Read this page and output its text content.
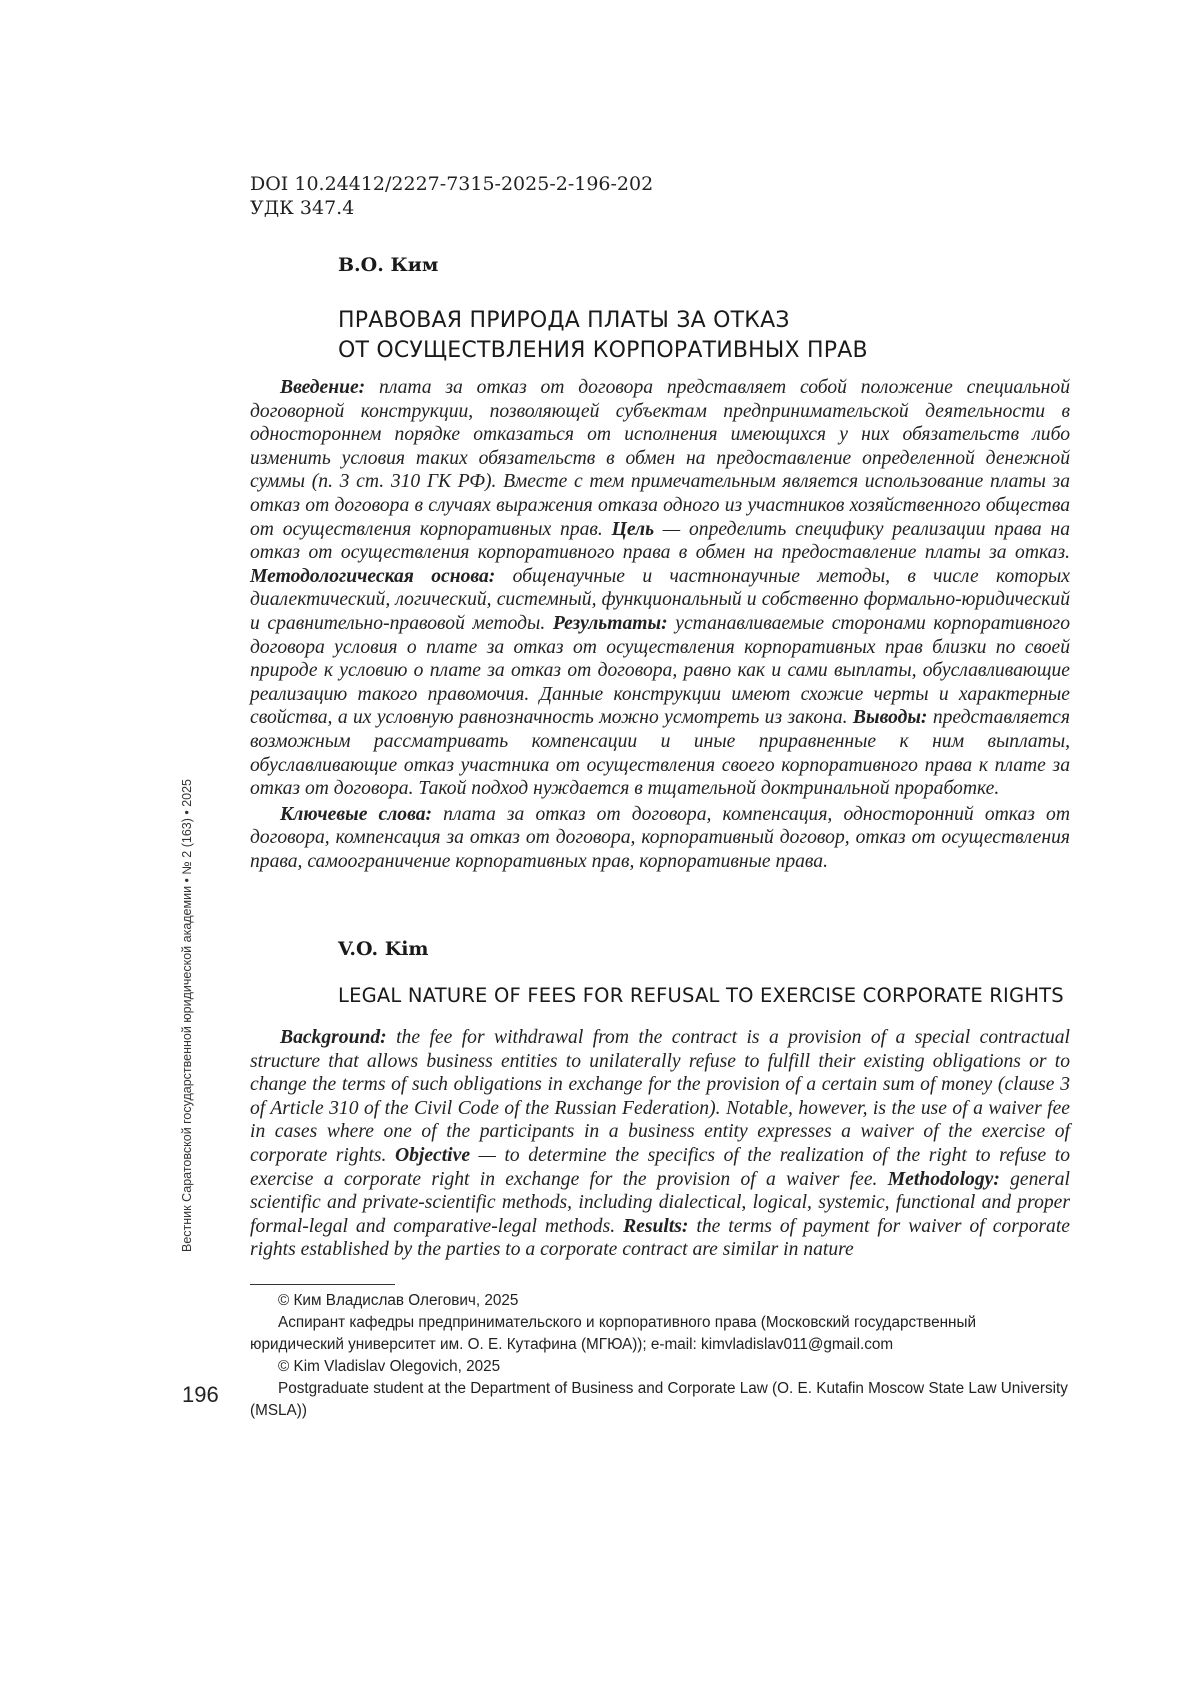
DOI 10.24412/2227-7315-2025-2-196-202
УДК 347.4
В.О. Ким
ПРАВОВАЯ ПРИРОДА ПЛАТЫ ЗА ОТКАЗ
ОТ ОСУЩЕСТВЛЕНИЯ КОРПОРАТИВНЫХ ПРАВ

Введение: плата за отказ от договора представляет собой положение специальной договорной конструкции, позволяющей субъектам предпринимательской деятельности в одностороннем порядке отказаться от исполнения имеющихся у них обязательств либо изменить условия таких обязательств в обмен на предоставление определенной денежной суммы (п. 3 ст. 310 ГК РФ). Вместе с тем примечательным является использование платы за отказ от договора в случаях выражения отказа одного из участников хозяйственного общества от осуществления корпоративных прав. Цель — определить специфику реализации права на отказ от осуществления корпоративного права в обмен на предоставление платы за отказ. Методологическая основа: общенаучные и частнонаучные методы, в числе которых диалектический, логический, системный, функциональный и собственно формально-юридический и сравнительно-правовой методы. Результаты: устанавливаемые сторонами корпоративного договора условия о плате за отказ от осуществления корпоративных прав близки по своей природе к условию о плате за отказ от договора, равно как и сами выплаты, обуславливающие реализацию такого правомочия. Данные конструкции имеют схожие черты и характерные свойства, а их условную равнозначность можно усмотреть из закона. Выводы: представляется возможным рассматривать компенсации и иные приравненные к ним выплаты, обуславливающие отказ участника от осуществления своего корпоративного права к плате за отказ от договора. Такой подход нуждается в тщательной доктринальной проработке.

Ключевые слова: плата за отказ от договора, компенсация, односторонний отказ от договора, компенсация за отказ от договора, корпоративный договор, отказ от осуществления права, самоограничение корпоративных прав, корпоративные права.

V.O. Kim
LEGAL NATURE OF FEES FOR REFUSAL TO EXERCISE CORPORATE RIGHTS

Background: the fee for withdrawal from the contract is a provision of a special contractual structure that allows business entities to unilaterally refuse to fulfill their existing obligations or to change the terms of such obligations in exchange for the provision of a certain sum of money (clause 3 of Article 310 of the Civil Code of the Russian Federation). Notable, however, is the use of a waiver fee in cases where one of the participants in a business entity expresses a waiver of the exercise of corporate rights. Objective — to determine the specifics of the realization of the right to refuse to exercise a corporate right in exchange for the provision of a waiver fee. Methodology: general scientific and private-scientific methods, including dialectical, logical, systemic, functional and proper formal-legal and comparative-legal methods. Results: the terms of payment for waiver of corporate rights established by the parties to a corporate contract are similar in nature

© Ким Владислав Олегович, 2025

Аспирант кафедры предпринимательского и корпоративного права (Московский государственный юридический университет им. О. Е. Кутафина (МГЮА)); e-mail: kimvladislav011@gmail.com

© Kim Vladislav Olegovich, 2025

Postgraduate student at the Department of Business and Corporate Law (O. E. Kutafin Moscow State Law University (MSLA))

Вестник Саратовской государственной юридической академии • № 2 (163) • 2025
196
